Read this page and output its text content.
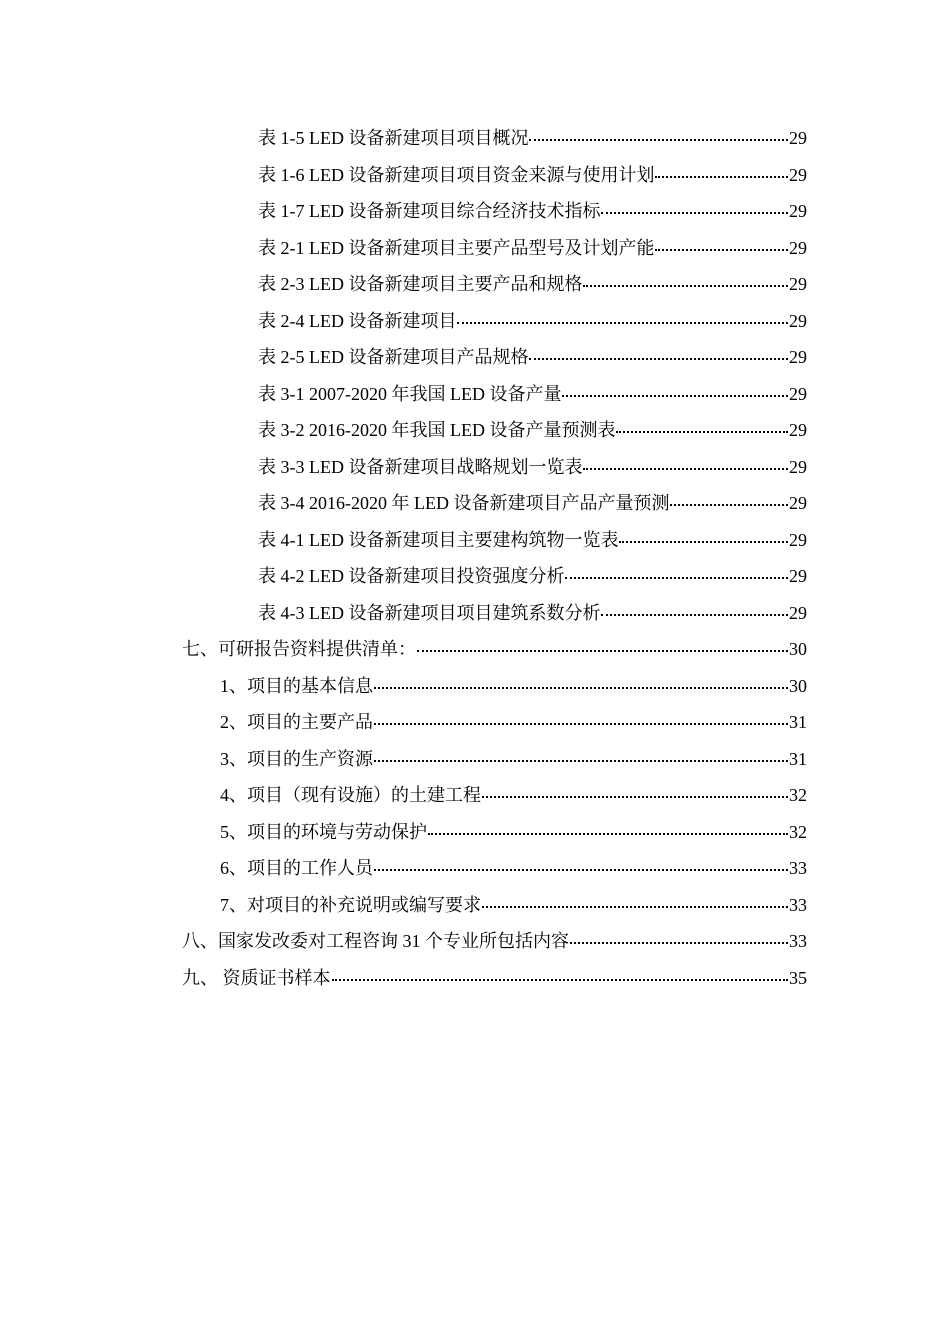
表 1-5 LED 设备新建项目项目概况	29
表 1-6 LED 设备新建项目项目资金来源与使用计划	29
表 1-7 LED 设备新建项目综合经济技术指标	29
表 2-1 LED 设备新建项目主要产品型号及计划产能	29
表 2-3 LED 设备新建项目主要产品和规格	29
表 2-4 LED 设备新建项目	29
表 2-5 LED 设备新建项目产品规格	29
表 3-1 2007-2020 年我国 LED 设备产量	29
表 3-2 2016-2020 年我国 LED 设备产量预测表	29
表 3-3 LED 设备新建项目战略规划一览表	29
表 3-4 2016-2020 年 LED 设备新建项目产品产量预测	29
表 4-1 LED 设备新建项目主要建构筑物一览表	29
表 4-2 LED 设备新建项目投资强度分析	29
表 4-3 LED 设备新建项目项目建筑系数分析	29
七、可研报告资料提供清单：	30
1、项目的基本信息	30
2、项目的主要产品	31
3、项目的生产资源	31
4、项目（现有设施）的土建工程	32
5、项目的环境与劳动保护	32
6、项目的工作人员	33
7、对项目的补充说明或编写要求	33
八、国家发改委对工程咨询 31 个专业所包括内容	33
九、 资质证书样本	35
